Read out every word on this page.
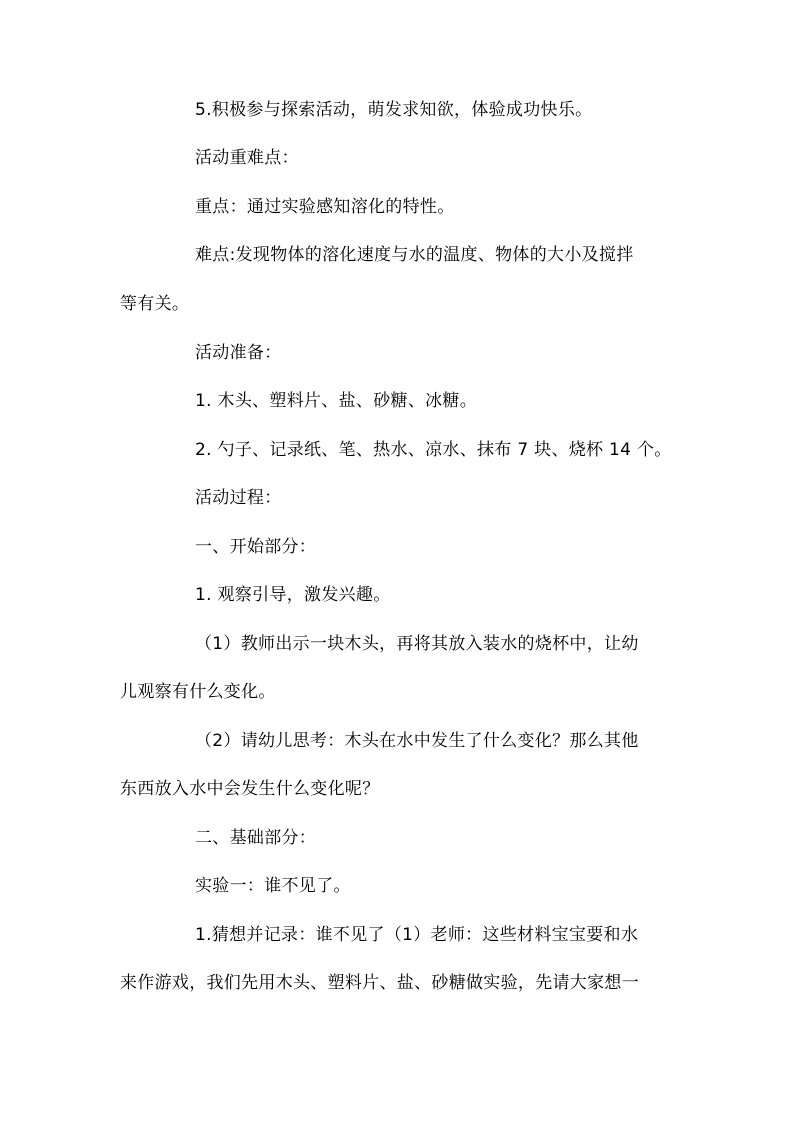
5.积极参与探索活动，萌发求知欲，体验成功快乐。
活动重难点：
重点：通过实验感知溶化的特性。
难点:发现物体的溶化速度与水的温度、物体的大小及搅拌
等有关。
活动准备：
1. 木头、塑料片、盐、砂糖、冰糖。
2. 勺子、记录纸、笔、热水、凉水、抹布 7 块、烧杯 14 个。
活动过程：
一、开始部分：
1. 观察引导，激发兴趣。
（1）教师出示一块木头，再将其放入装水的烧杯中，让幼
儿观察有什么变化。
（2）请幼儿思考：木头在水中发生了什么变化？那么其他
东西放入水中会发生什么变化呢？
二、基础部分：
实验一：谁不见了。
1.猜想并记录：谁不见了（1）老师：这些材料宝宝要和水
来作游戏，我们先用木头、塑料片、盐、砂糖做实验，先请大家想一
